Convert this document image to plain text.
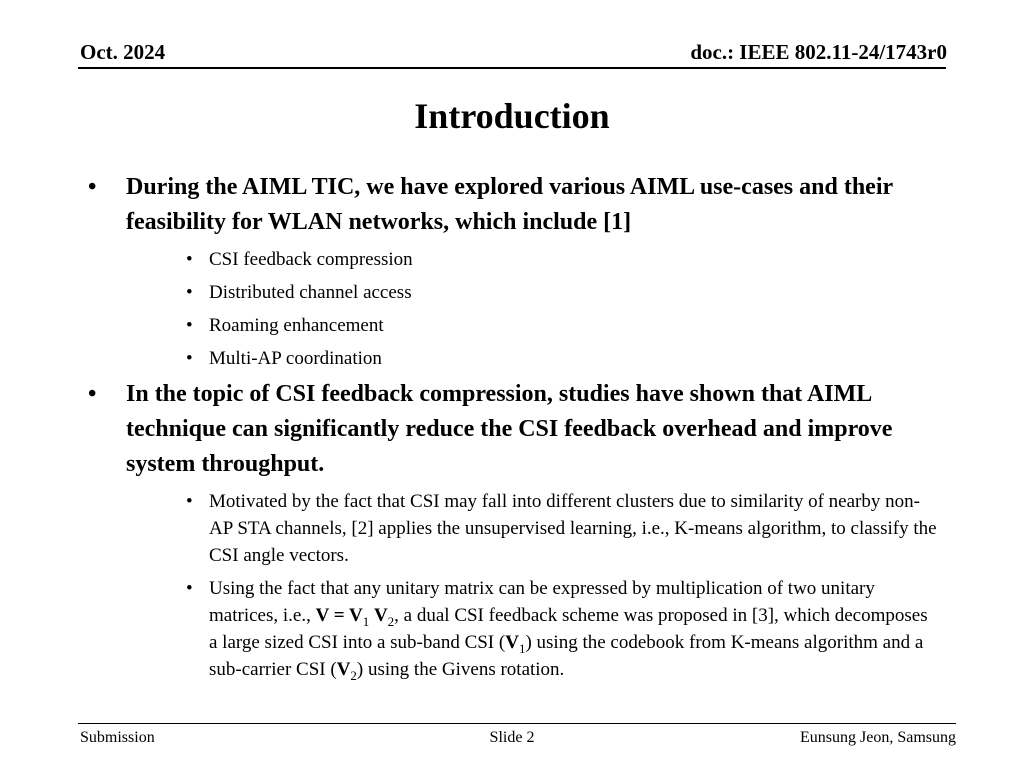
Oct. 2024	doc.: IEEE 802.11-24/1743r0
Introduction
• During the AIML TIC, we have explored various AIML use-cases and their feasibility for WLAN networks, which include [1]
• CSI feedback compression
• Distributed channel access
• Roaming enhancement
• Multi-AP coordination
• In the topic of CSI feedback compression, studies have shown that AIML technique can significantly reduce the CSI feedback overhead and improve system throughput.
• Motivated by the fact that CSI may fall into different clusters due to similarity of nearby non-AP STA channels, [2] applies the unsupervised learning, i.e., K-means algorithm, to classify the CSI angle vectors.
• Using the fact that any unitary matrix can be expressed by multiplication of two unitary matrices, i.e., $V = V_1$ $V_2$, a dual CSI feedback scheme was proposed in [3], which decomposes a large sized CSI into a sub-band CSI $(V_1)$ using the codebook from K-means algorithm and a sub-carrier CSI $(V_2)$ using the Givens rotation.
Submission	Slide 2	Eunsung Jeon, Samsung
